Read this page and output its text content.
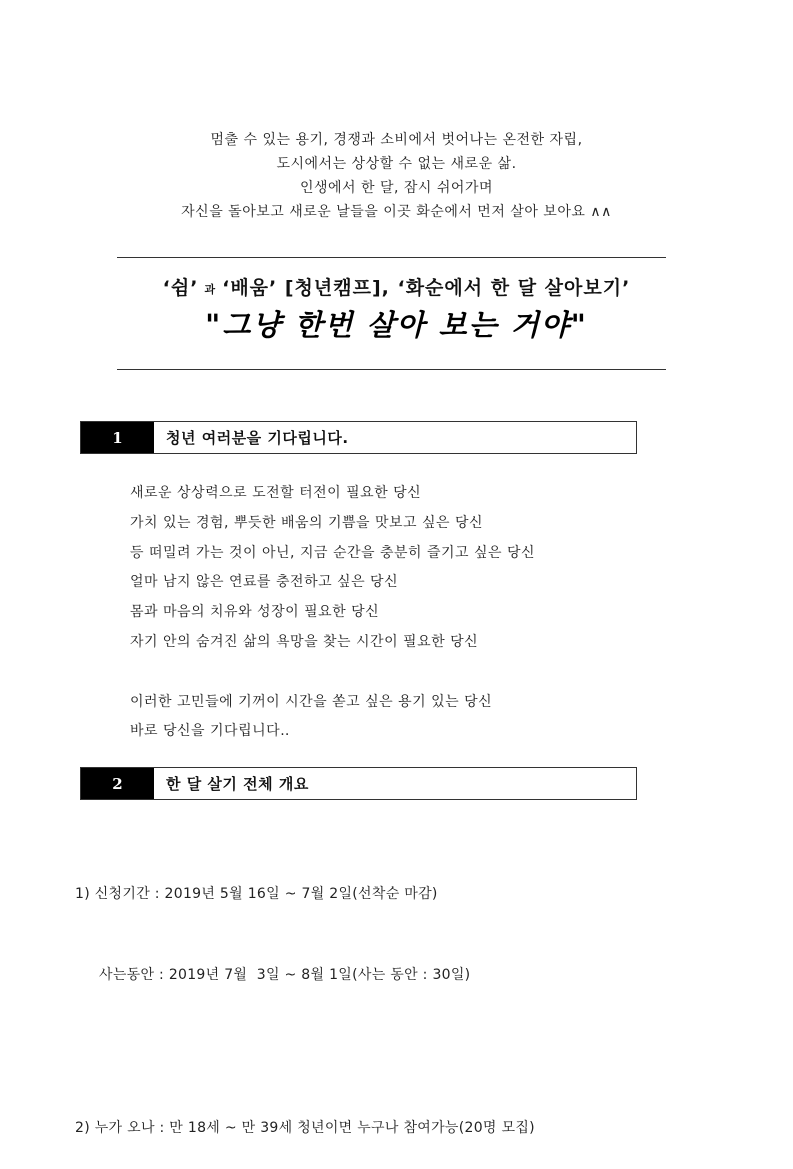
멈출 수 있는 용기, 경쟁과 소비에서 벗어나는 온전한 자립,
도시에서는 상상할 수 없는 새로운 삶.
인생에서 한 달, 잠시 쉬어가며
자신을 돌아보고 새로운 날들을 이곳 화순에서 먼저 살아 보아요 ∧∧
‘쉼’ 과 ‘배움’ [청년캠프], ‘화순에서 한 달 살아보기’
"그냥 한번 살아 보는 거야"
1	청년 여러분을 기다립니다.
새로운 상상력으로 도전할 터전이 필요한 당신
가치 있는 경험, 뿌듯한 배움의 기쁨을 맛보고 싶은 당신
등 떠밀려 가는 것이 아닌, 지금 순간을 충분히 즐기고 싶은 당신
얼마 남지 않은 연료를 충전하고 싶은 당신
몸과 마음의 치유와 성장이 필요한 당신
자기 안의 숨겨진 삶의 욕망을 찾는 시간이 필요한 당신
이러한 고민들에 기꺼이 시간을 쏟고 싶은 용기 있는 당신
바로 당신을 기다립니다‥
2	한 달 살기 전체 개요

1) 신청기간 : 2019년 5월 16일 ~ 7월 2일(선착순 마감)

사는동안 : 2019년 7월  3일 ~ 8월 1일(사는 동안 : 30일)

2) 누가 오나 : 만 18세 ~ 만 39세 청년이면 누구나 참여가능(20명 모집)
